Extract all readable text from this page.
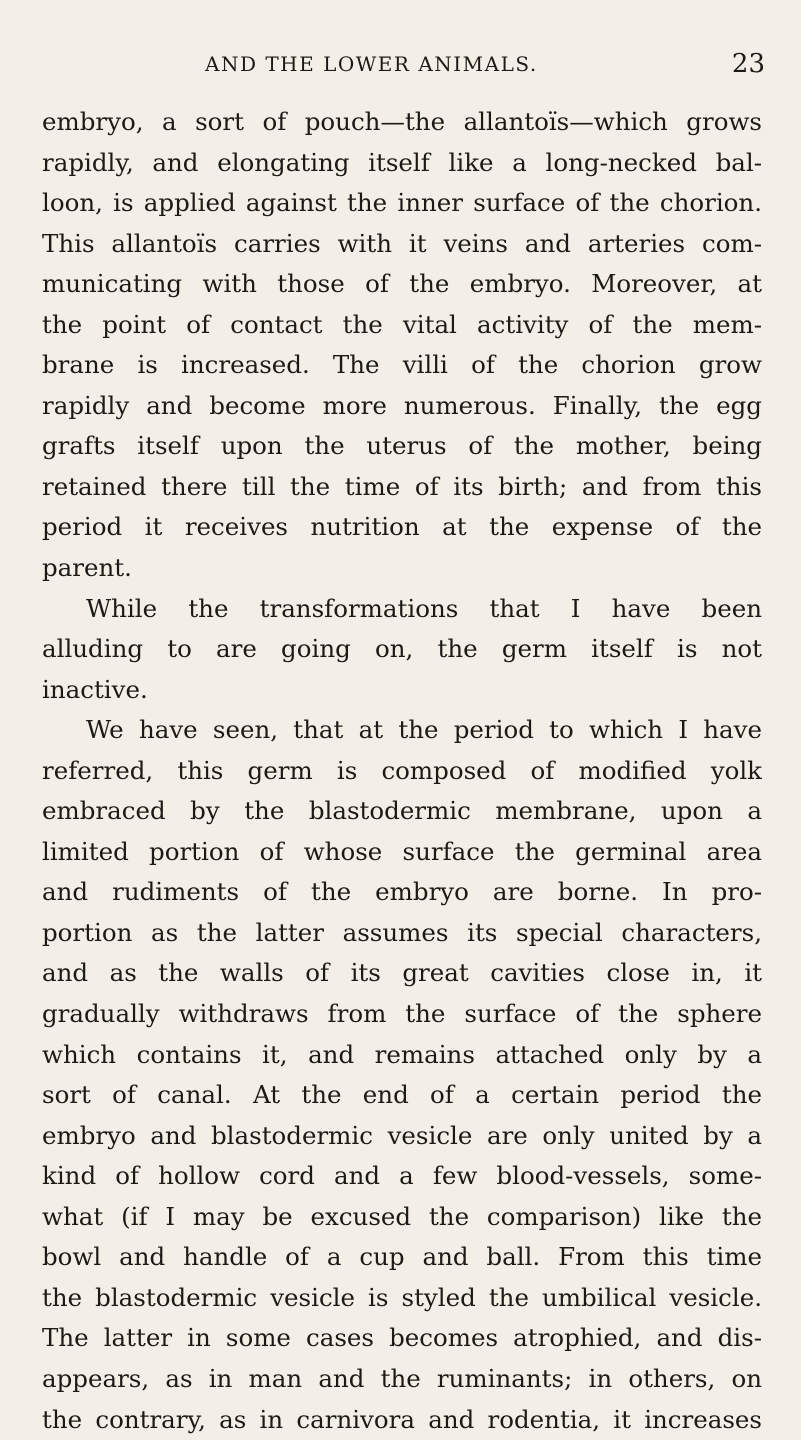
AND THE LOWER ANIMALS.	23
embryo, a sort of pouch—the allantoïs—which grows
rapidly, and elongating itself like a long-necked bal-
loon, is applied against the inner surface of the chorion.
This allantoïs carries with it veins and arteries com-
municating with those of the embryo. Moreover, at
the point of contact the vital activity of the mem-
brane is increased. The villi of the chorion grow
rapidly and become more numerous. Finally, the egg
grafts itself upon the uterus of the mother, being
retained there till the time of its birth; and from this
period it receives nutrition at the expense of the
parent.
While the transformations that I have been
alluding to are going on, the germ itself is not
inactive.
We have seen, that at the period to which I have
referred, this germ is composed of modified yolk
embraced by the blastodermic membrane, upon a
limited portion of whose surface the germinal area
and rudiments of the embryo are borne. In pro-
portion as the latter assumes its special characters,
and as the walls of its great cavities close in, it
gradually withdraws from the surface of the sphere
which contains it, and remains attached only by a
sort of canal. At the end of a certain period the
embryo and blastodermic vesicle are only united by a
kind of hollow cord and a few blood-vessels, some-
what (if I may be excused the comparison) like the
bowl and handle of a cup and ball. From this time
the blastodermic vesicle is styled the umbilical vesicle.
The latter in some cases becomes atrophied, and dis-
appears, as in man and the ruminants; in others, on
the contrary, as in carnivora and rodentia, it increases
